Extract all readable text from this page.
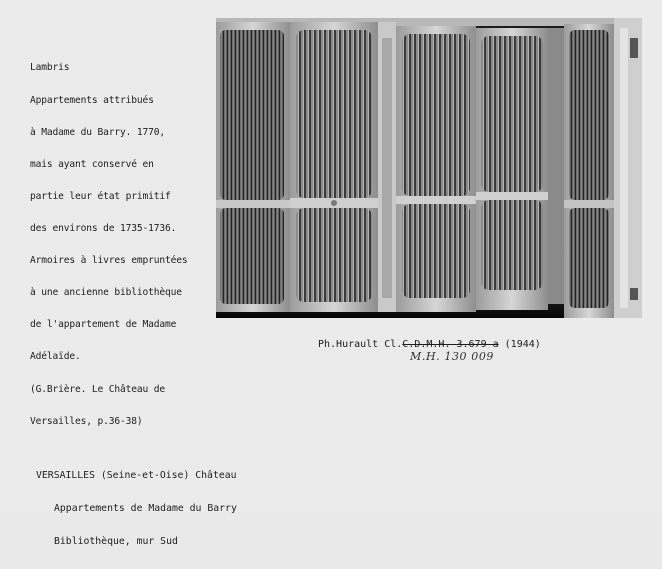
Lambris

Appartements attribués

à Madame du Barry. 1770,

mais ayant conservé en

partie leur état primitif

des environs de 1735-1736.

Armoires à livres empruntées

à une ancienne bibliothèque

de l'appartement de Madame

Adélaïde.

(G.Brière. Le Château de

Versailles, p.36-38)

Ph.Hurault Cl.C.D.M.H. 3.679 a (1944)
M.H. 130 009

VERSAILLES (Seine-et-Oise) Château

Appartements de Madame du Barry

Bibliothèque, mur Sud
